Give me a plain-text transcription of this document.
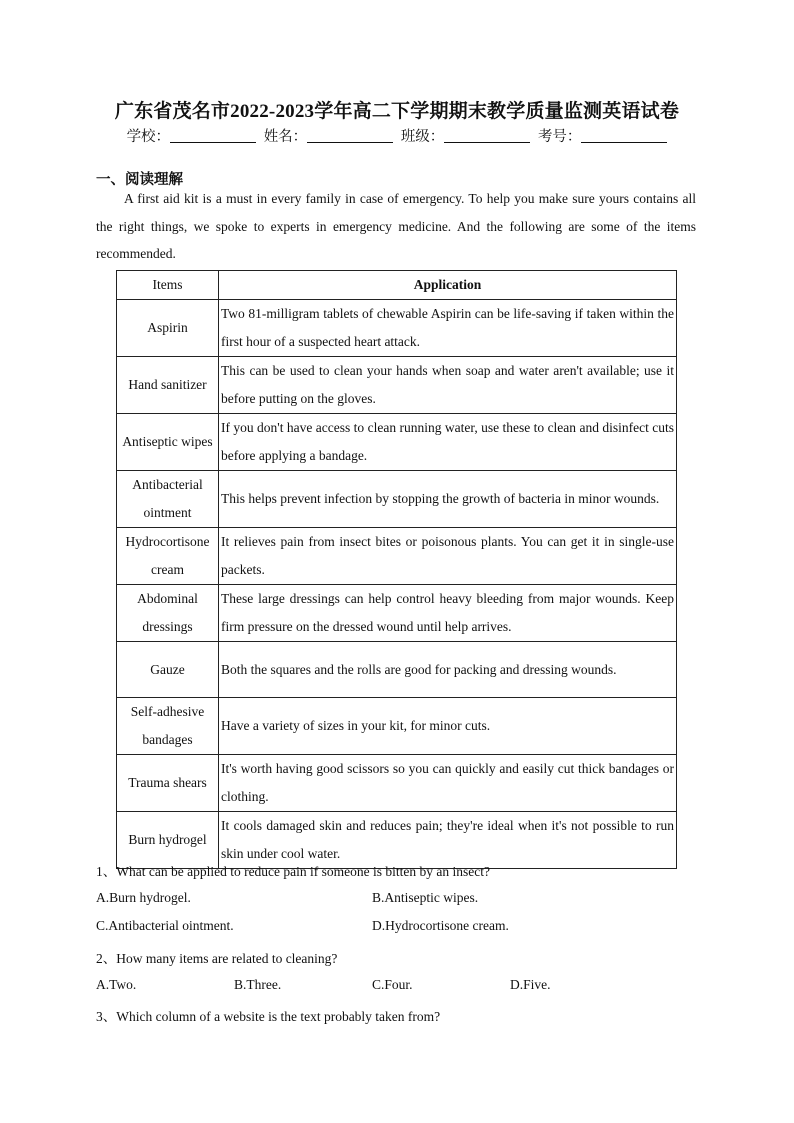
广东省茂名市2022-2023学年高二下学期期末教学质量监测英语试卷
学校：	姓名：	班级：	考号：
一、阅读理解
A first aid kit is a must in every family in case of emergency. To help you make sure yours contains all the right things, we spoke to experts in emergency medicine. And the following are some of the items recommended.
Items	Application
Aspirin	Two 81-milligram tablets of chewable Aspirin can be life-saving if taken within the first hour of a suspected heart attack.
Hand sanitizer	This can be used to clean your hands when soap and water aren't available; use it before putting on the gloves.
Antiseptic wipes	If you don't have access to clean running water, use these to clean and disinfect cuts before applying a bandage.
Antibacterial ointment	This helps prevent infection by stopping the growth of bacteria in minor wounds.
Hydrocortisone cream	It relieves pain from insect bites or poisonous plants. You can get it in single-use packets.
Abdominal dressings	These large dressings can help control heavy bleeding from major wounds. Keep firm pressure on the dressed wound until help arrives.
Gauze	Both the squares and the rolls are good for packing and dressing wounds.
Self-adhesive bandages	Have a variety of sizes in your kit, for minor cuts.
Trauma shears	It's worth having good scissors so you can quickly and easily cut thick bandages or clothing.
Burn hydrogel	It cools damaged skin and reduces pain; they're ideal when it's not possible to run skin under cool water.
1、What can be applied to reduce pain if someone is bitten by an insect?
A.Burn hydrogel.	B.Antiseptic wipes.
C.Antibacterial ointment.	D.Hydrocortisone cream.
2、How many items are related to cleaning?
A.Two.	B.Three.	C.Four.	D.Five.
3、Which column of a website is the text probably taken from?
